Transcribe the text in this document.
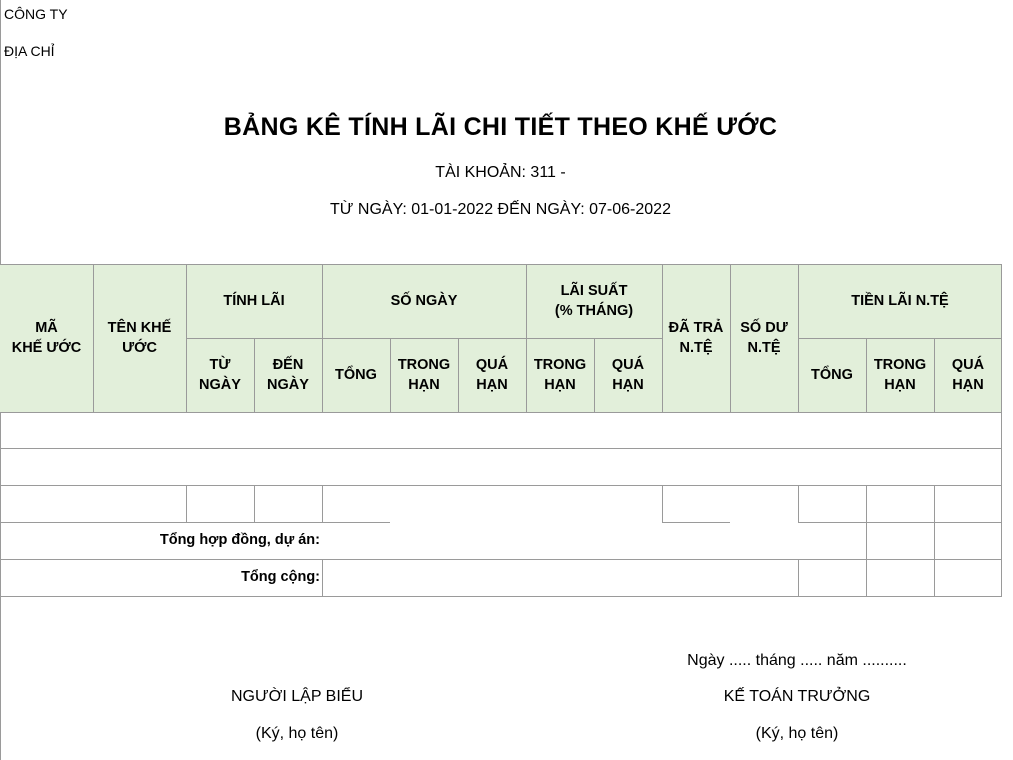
CÔNG TY
ĐỊA CHỈ
BẢNG KÊ TÍNH LÃI CHI TIẾT THEO KHẾ ƯỚC
TÀI KHOẢN: 311 -
TỪ NGÀY: 01-01-2022 ĐẾN NGÀY: 07-06-2022
MÃ
KHẾ ƯỚC
TÊN KHẾ
ƯỚC
TÍNH LÃI
TỪ
NGÀY
ĐẾN
NGÀY
SỐ NGÀY
TỔNG
TRONG
HẠN
QUÁ
HẠN
LÃI SUẤT
(% THÁNG)
TRONG
HẠN
QUÁ
HẠN
ĐÃ TRẢ
N.TỆ
SỐ DƯ
N.TỆ
TIỀN LÃI N.TỆ
TỔNG
TRONG
HẠN
QUÁ
HẠN
Tổng hợp đồng, dự án:
Tổng cộng:
Ngày ..... tháng ..... năm ..........
NGƯỜI LẬP BIỂU
(Ký, họ tên)
KẾ TOÁN TRƯỞNG
(Ký, họ tên)
